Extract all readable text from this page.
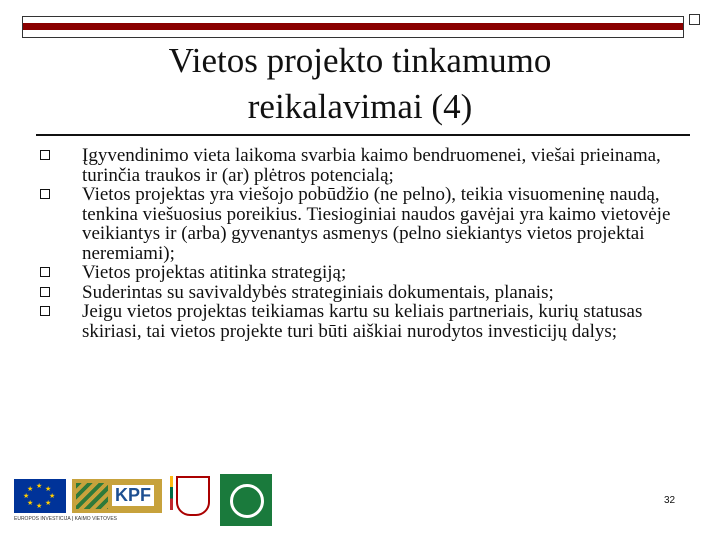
Vietos projekto tinkamumo
reikalavimai (4)
Įgyvendinimo vieta laikoma svarbia kaimo bendruomenei, viešai prieinama, turinčia traukos ir (ar) plėtros potencialą;
Vietos projektas yra viešojo pobūdžio (ne pelno), teikia visuomeninę naudą, tenkina viešuosius poreikius. Tiesioginiai naudos gavėjai yra kaimo vietovėje veikiantys ir (arba) gyvenantys asmenys (pelno siekiantys vietos projektai neremiami);
Vietos projektas atitinka strategiją;
Suderintas su savivaldybės strateginiais dokumentais, planais;
Jeigu vietos projektas teikiamas kartu su keliais partneriais, kurių statusas skiriasi, tai vietos projekte turi būti aiškiai nurodytos investicijų dalys;
★ ★
★
★
★
★
★
★
EUROPOS INVESTICIJA Į KAIMO VIETOVES
KPF	32
